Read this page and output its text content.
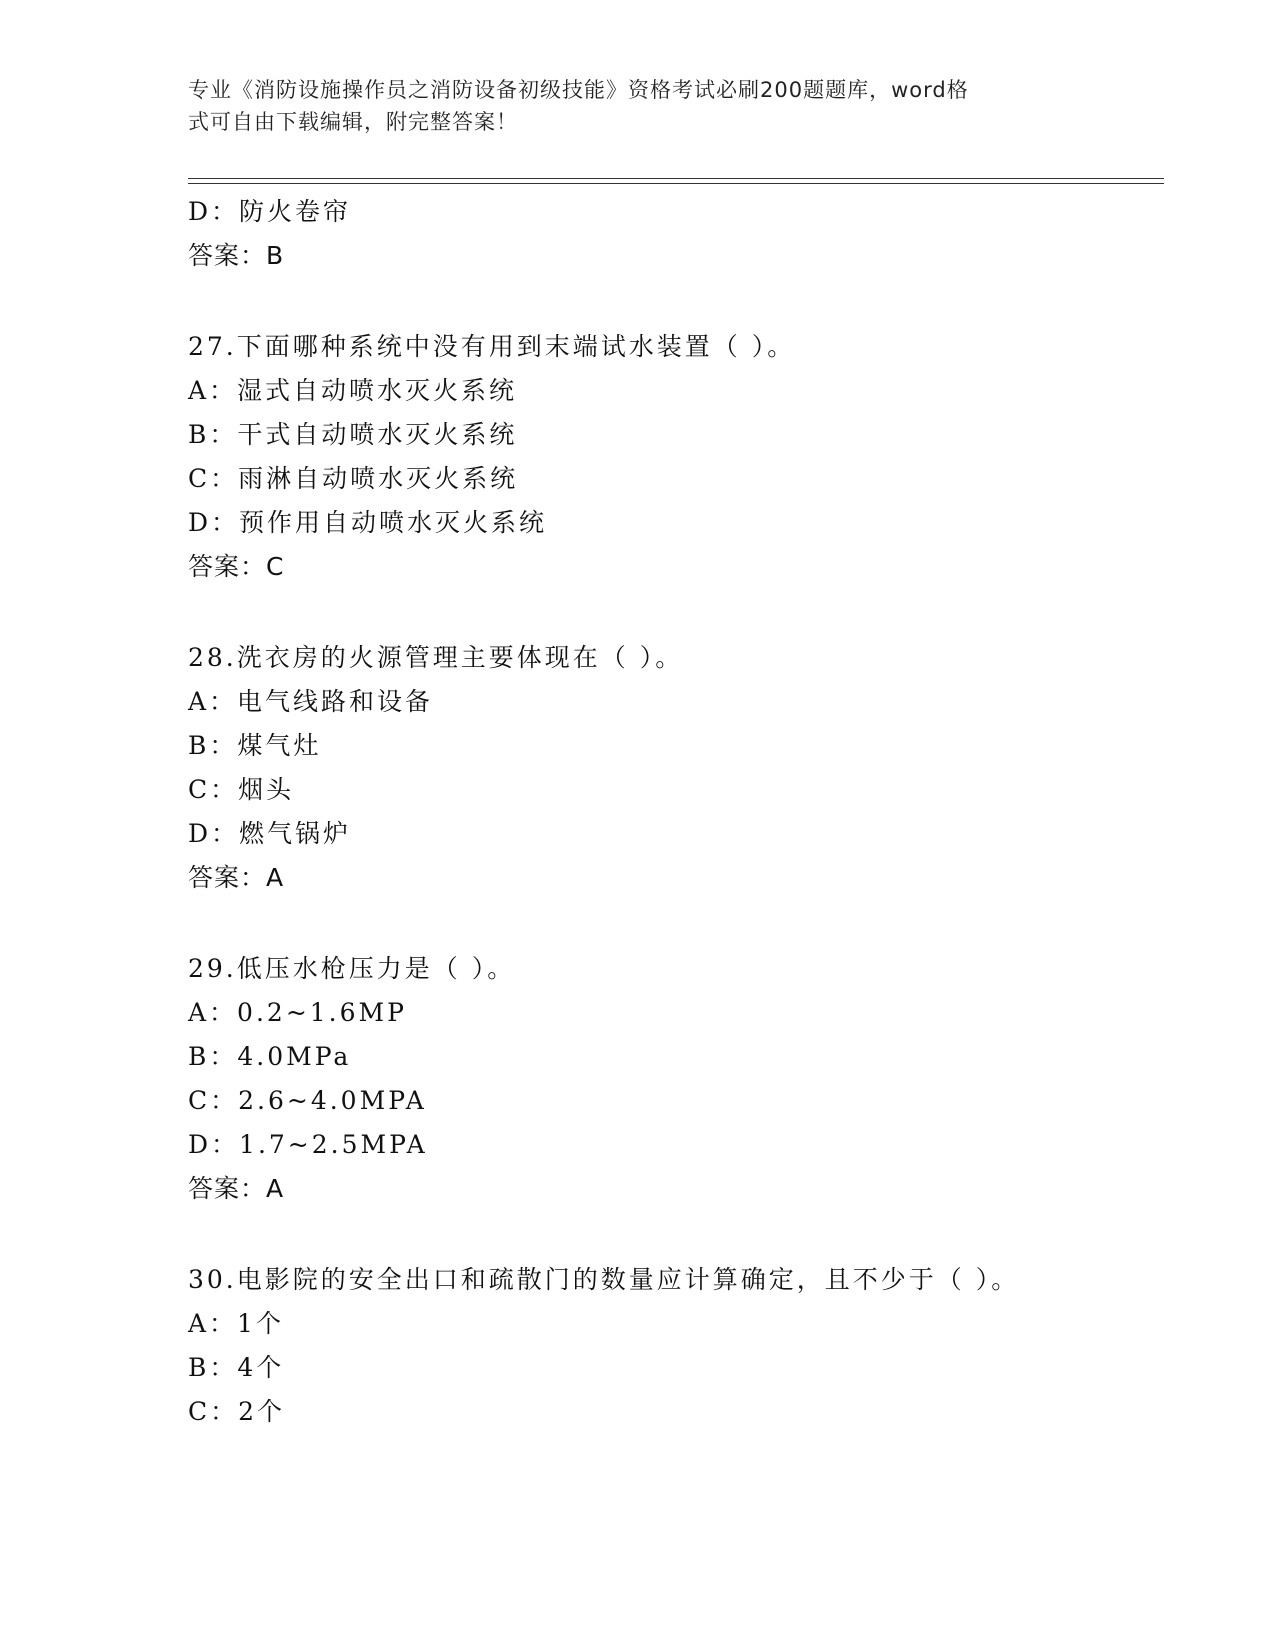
专业《消防设施操作员之消防设备初级技能》资格考试必刷200题题库，word格
式可自由下载编辑，附完整答案！
D：防火卷帘
答案：B
27.下面哪种系统中没有用到末端试水装置（ ）。
A：湿式自动喷水灭火系统
B：干式自动喷水灭火系统
C：雨淋自动喷水灭火系统
D：预作用自动喷水灭火系统
答案：C
28.洗衣房的火源管理主要体现在（ ）。
A：电气线路和设备
B：煤气灶
C：烟头
D：燃气锅炉
答案：A
29.低压水枪压力是（ ）。
A：0.2~1.6MP
B：4.0MPa
C：2.6~4.0MPA
D：1.7~2.5MPA
答案：A
30.电影院的安全出口和疏散门的数量应计算确定，且不少于（ ）。
A：1个
B：4个
C：2个
